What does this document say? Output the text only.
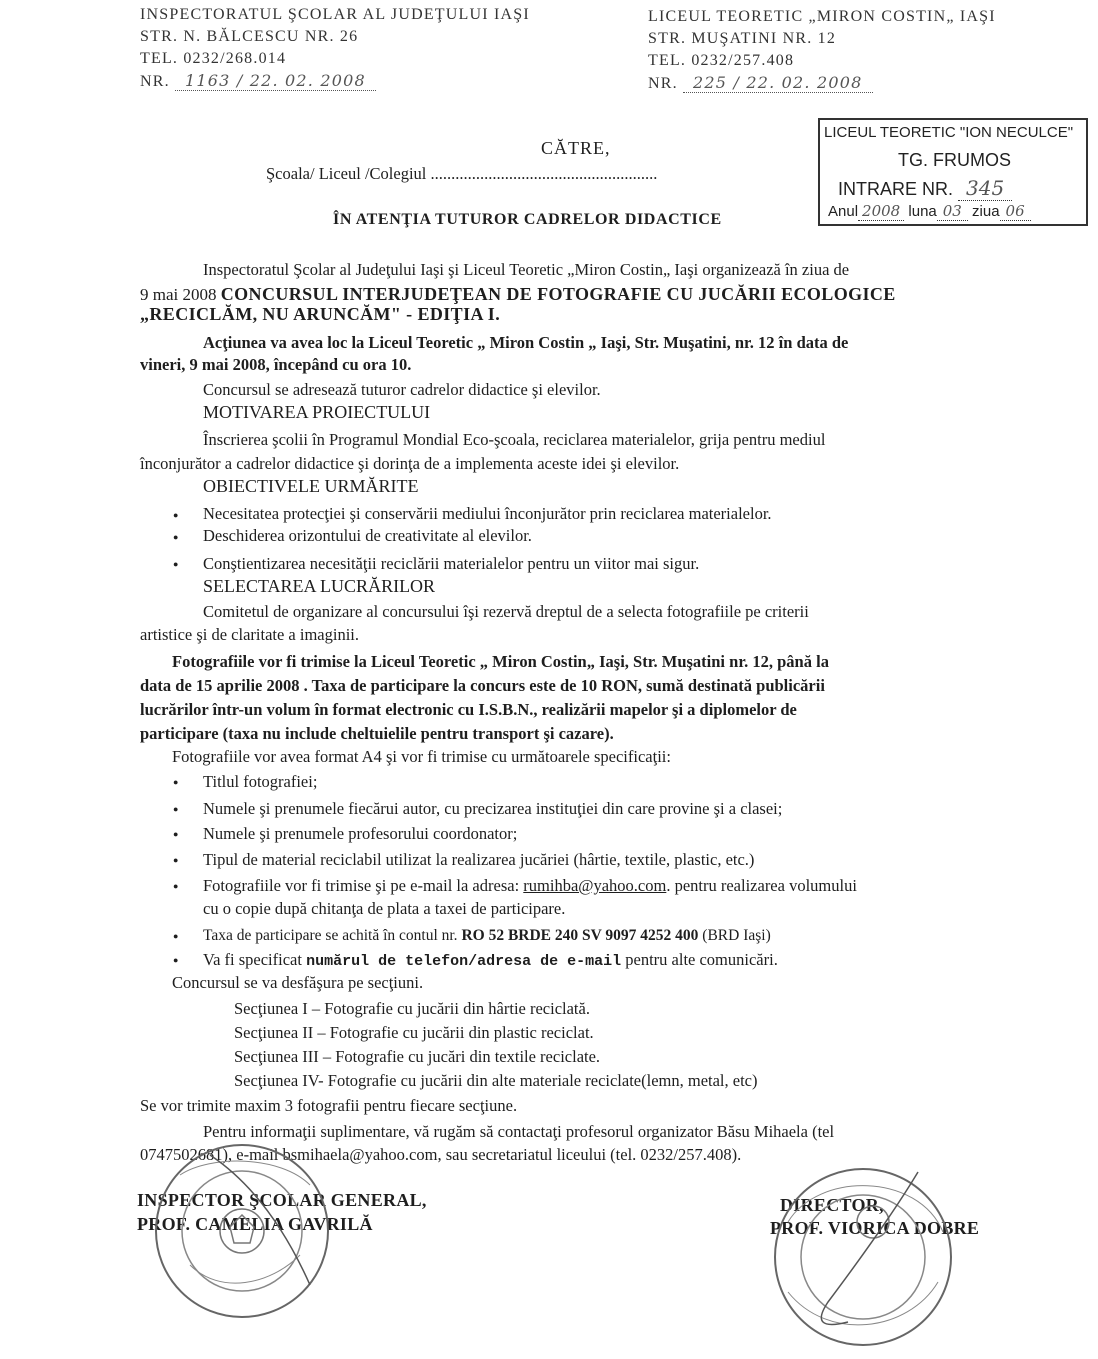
INSPECTORATUL ŞCOLAR AL JUDEŢULUI IAŞI
STR. N. BĂLCESCU NR. 26
TEL. 0232/268.014
NR. 1163 / 22. 02. 2008
LICEUL TEORETIC „MIRON COSTIN„ IAŞI
STR. MUŞATINI NR. 12
TEL. 0232/257.408
NR. 225 / 22. 02. 2008
LICEUL TEORETIC "ION NECULCE"
TG. FRUMOS
INTRARE NR. 345
Anul 2008 luna 03 ziua 06
CĂTRE,
Şcoala/ Liceul /Colegiul .......................................................
ÎN ATENŢIA TUTUROR CADRELOR DIDACTICE
Inspectoratul Şcolar al Judeţului Iaşi şi Liceul Teoretic „Miron Costin„ Iaşi organizează în ziua de
9 mai 2008 CONCURSUL INTERJUDEŢEAN DE FOTOGRAFIE CU JUCĂRII ECOLOGICE
„RECICLĂM, NU ARUNCĂM" - EDIŢIA I.
Acţiunea va avea loc la Liceul Teoretic „ Miron Costin „ Iaşi, Str. Muşatini, nr. 12 în data de
vineri, 9 mai 2008, începând cu ora 10.
Concursul se adresează tuturor cadrelor didactice şi elevilor.
MOTIVAREA PROIECTULUI
Înscrierea şcolii în Programul Mondial Eco-şcoala, reciclarea materialelor, grija pentru mediul
înconjurător a cadrelor didactice şi dorinţa de a implementa aceste idei şi elevilor.
OBIECTIVELE URMĂRITE
● Necesitatea protecţiei şi conservării mediului înconjurător prin reciclarea materialelor.
● Deschiderea orizontului de creativitate al elevilor.
● Conştientizarea necesităţii reciclării materialelor pentru un viitor mai sigur.
SELECTAREA LUCRĂRILOR
Comitetul de organizare al concursului îşi rezervă dreptul de a selecta fotografiile pe criterii
artistice şi de claritate a imaginii.
Fotografiile vor fi trimise la Liceul Teoretic „ Miron Costin„ Iaşi, Str. Muşatini nr. 12, până la
data de 15 aprilie 2008 . Taxa de participare la concurs este de 10 RON, sumă destinată publicării
lucrărilor într-un volum în format electronic cu I.S.B.N., realizării mapelor şi a diplomelor de
participare (taxa nu include cheltuielile pentru transport şi cazare).
Fotografiile vor avea format A4 şi vor fi trimise cu următoarele specificaţii:
● Titlul fotografiei;
● Numele şi prenumele fiecărui autor, cu precizarea instituţiei din care provine şi a clasei;
● Numele şi prenumele profesorului coordonator;
● Tipul de material reciclabil utilizat la realizarea jucăriei (hârtie, textile, plastic, etc.)
● Fotografiile vor fi trimise şi pe e-mail la adresa: rumihba@yahoo.com. pentru realizarea volumului
cu o copie după chitanţa de plata a taxei de participare.
● Taxa de participare se achită în contul nr. RO 52 BRDE 240 SV 9097 4252 400 (BRD Iaşi)
● Va fi specificat numărul de telefon/adresa de e-mail pentru alte comunicări.
Concursul se va desfăşura pe secţiuni.
Secţiunea I – Fotografie cu jucării din hârtie reciclată.
Secţiunea II – Fotografie cu jucării din plastic reciclat.
Secţiunea III – Fotografie cu jucări din textile reciclate.
Secţiunea IV- Fotografie cu jucării din alte materiale reciclate(lemn, metal, etc)
Se vor trimite maxim 3 fotografii pentru fiecare secţiune.
Pentru informaţii suplimentare, vă rugăm să contactaţi profesorul organizator Băsu Mihaela (tel
0747502681), e-mail bsmihaela@yahoo.com, sau secretariatul liceului (tel. 0232/257.408).
INSPECTOR ŞCOLAR GENERAL,
PROF. CAMELIA GAVRILĂ
DIRECTOR,
PROF. VIORICA DOBRE
